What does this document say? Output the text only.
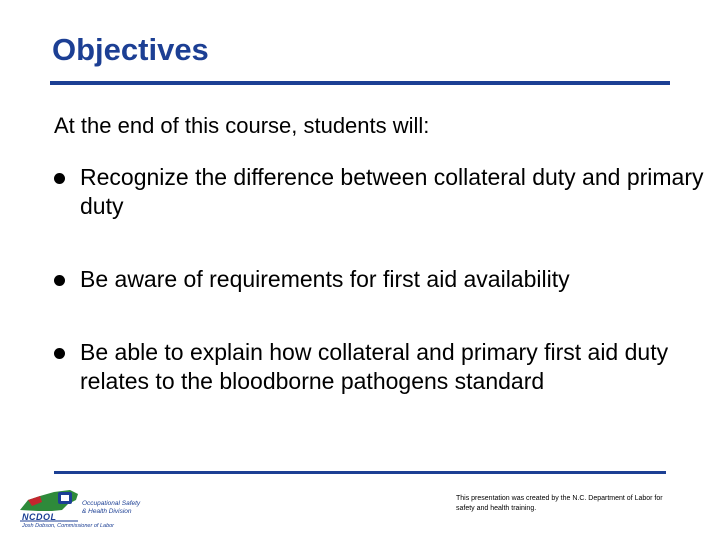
Objectives
At the end of this course, students will:
Recognize the difference between collateral duty and primary duty
Be aware of requirements for first aid availability
Be able to explain how collateral and primary first aid duty relates to the bloodborne pathogens standard
NCDOL
Occupational Safety
& Health Division
Josh Dobson, Commissioner of Labor
This presentation was created by the N.C. Department of Labor for safety and health training.
